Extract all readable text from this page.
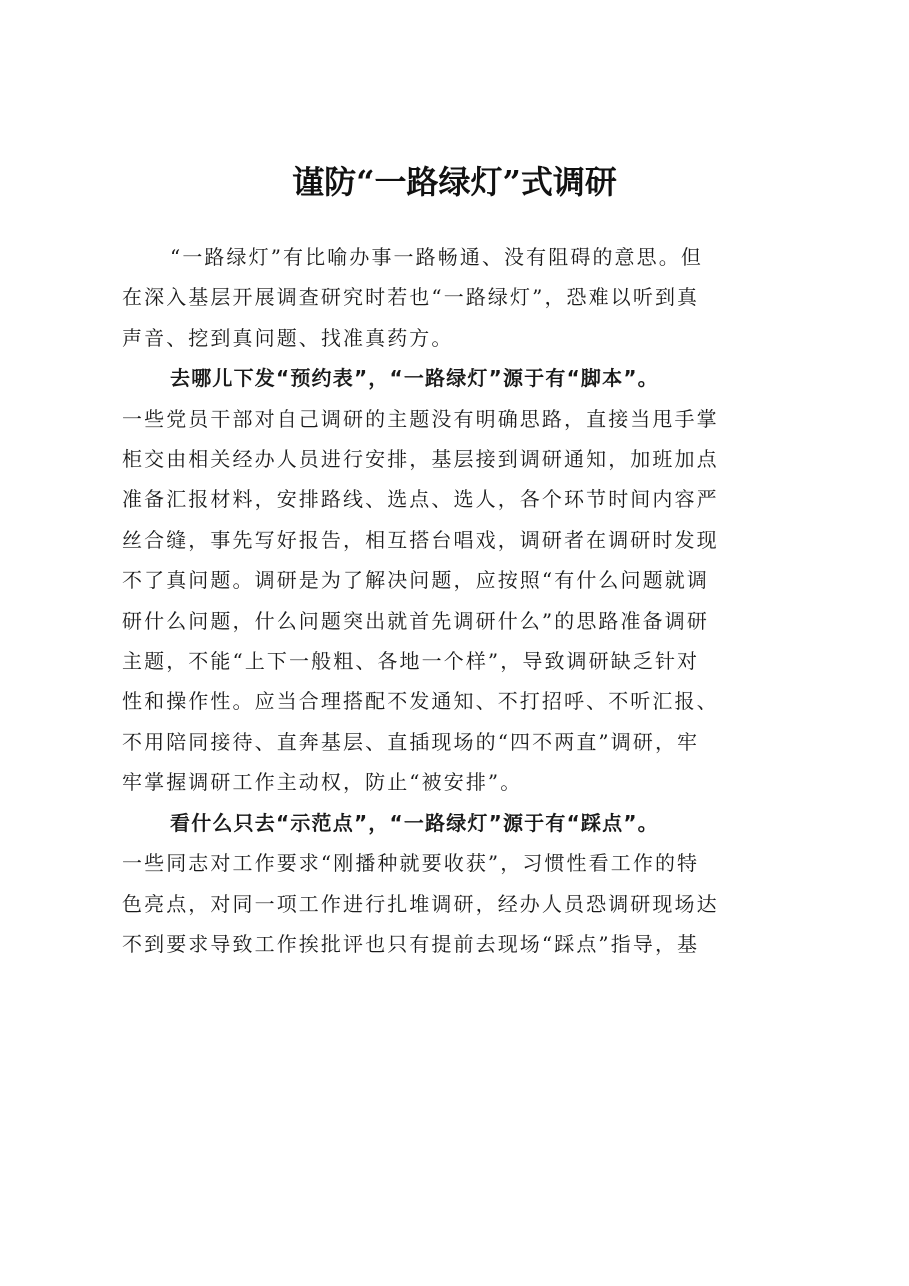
谨防“一路绿灯”式调研
“一路绿灯”有比喻办事一路畅通、没有阻碍的意思。但
在深入基层开展调查研究时若也“一路绿灯”，恐难以听到真
声音、挖到真问题、找准真药方。
去哪儿下发“预约表”，“一路绿灯”源于有“脚本”。
一些党员干部对自己调研的主题没有明确思路，直接当甩手掌
柜交由相关经办人员进行安排，基层接到调研通知，加班加点
准备汇报材料，安排路线、选点、选人，各个环节时间内容严
丝合缝，事先写好报告，相互搭台唱戏，调研者在调研时发现
不了真问题。调研是为了解决问题，应按照“有什么问题就调
研什么问题，什么问题突出就首先调研什么”的思路准备调研
主题，不能“上下一般粗、各地一个样”，导致调研缺乏针对
性和操作性。应当合理搭配不发通知、不打招呼、不听汇报、
不用陪同接待、直奔基层、直插现场的“四不两直”调研，牢
牢掌握调研工作主动权，防止“被安排”。
看什么只去“示范点”，“一路绿灯”源于有“踩点”。
一些同志对工作要求“刚播种就要收获”，习惯性看工作的特
色亮点，对同一项工作进行扎堆调研，经办人员恐调研现场达
不到要求导致工作挨批评也只有提前去现场“踩点”指导，基
